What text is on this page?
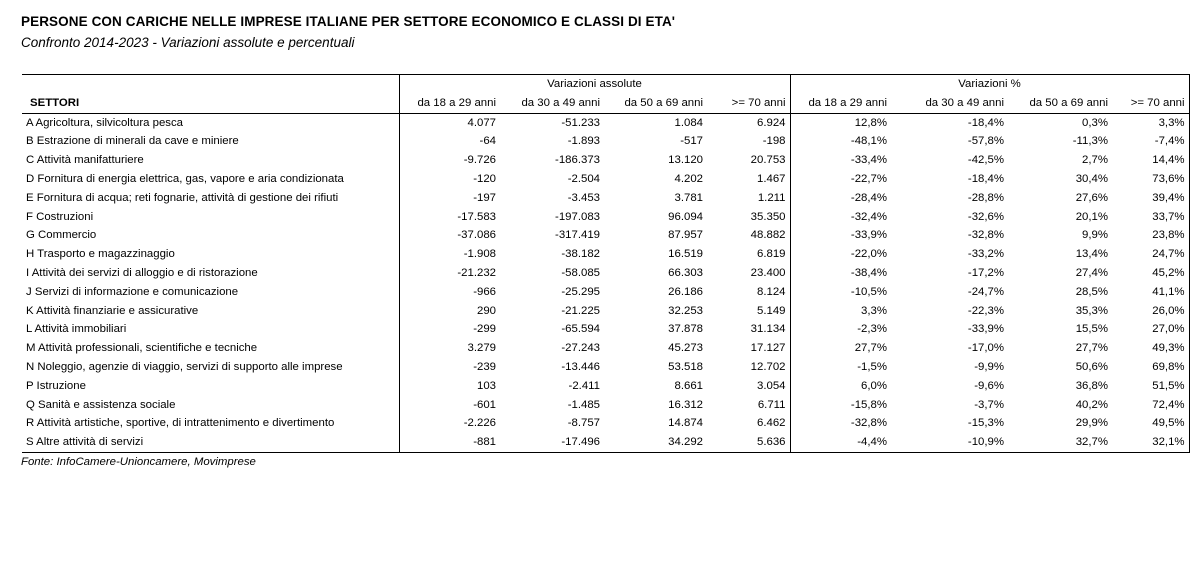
PERSONE CON CARICHE NELLE IMPRESE ITALIANE PER SETTORE ECONOMICO E CLASSI DI ETA'
Confronto 2014-2023 - Variazioni assolute e percentuali
	Variazioni assolute				Variazioni %			
SETTORI	da 18 a 29 anni	da 30 a 49 anni	da 50 a 69 anni	>= 70 anni	da 18 a 29 anni	da 30 a 49 anni	da 50 a 69 anni	>= 70 anni
A Agricoltura, silvicoltura pesca	4.077	-51.233	1.084	6.924	12,8%	-18,4%	0,3%	3,3%
B Estrazione di minerali da cave e miniere	-64	-1.893	-517	-198	-48,1%	-57,8%	-11,3%	-7,4%
C Attività manifatturiere	-9.726	-186.373	13.120	20.753	-33,4%	-42,5%	2,7%	14,4%
D Fornitura di energia elettrica, gas, vapore e aria condizionata	-120	-2.504	4.202	1.467	-22,7%	-18,4%	30,4%	73,6%
E Fornitura di acqua; reti fognarie, attività di gestione dei rifiuti	-197	-3.453	3.781	1.211	-28,4%	-28,8%	27,6%	39,4%
F Costruzioni	-17.583	-197.083	96.094	35.350	-32,4%	-32,6%	20,1%	33,7%
G Commercio	-37.086	-317.419	87.957	48.882	-33,9%	-32,8%	9,9%	23,8%
H Trasporto e magazzinaggio	-1.908	-38.182	16.519	6.819	-22,0%	-33,2%	13,4%	24,7%
I Attività dei servizi di alloggio e di ristorazione	-21.232	-58.085	66.303	23.400	-38,4%	-17,2%	27,4%	45,2%
J Servizi di informazione e comunicazione	-966	-25.295	26.186	8.124	-10,5%	-24,7%	28,5%	41,1%
K Attività finanziarie e assicurative	290	-21.225	32.253	5.149	3,3%	-22,3%	35,3%	26,0%
L Attività immobiliari	-299	-65.594	37.878	31.134	-2,3%	-33,9%	15,5%	27,0%
M Attività professionali, scientifiche e tecniche	3.279	-27.243	45.273	17.127	27,7%	-17,0%	27,7%	49,3%
N Noleggio, agenzie di viaggio, servizi di supporto alle imprese	-239	-13.446	53.518	12.702	-1,5%	-9,9%	50,6%	69,8%
P Istruzione	103	-2.411	8.661	3.054	6,0%	-9,6%	36,8%	51,5%
Q Sanità e assistenza sociale	-601	-1.485	16.312	6.711	-15,8%	-3,7%	40,2%	72,4%
R Attività artistiche, sportive, di intrattenimento e divertimento	-2.226	-8.757	14.874	6.462	-32,8%	-15,3%	29,9%	49,5%
S Altre attività di servizi	-881	-17.496	34.292	5.636	-4,4%	-10,9%	32,7%	32,1%
Fonte: InfoCamere-Unioncamere, Movimprese
